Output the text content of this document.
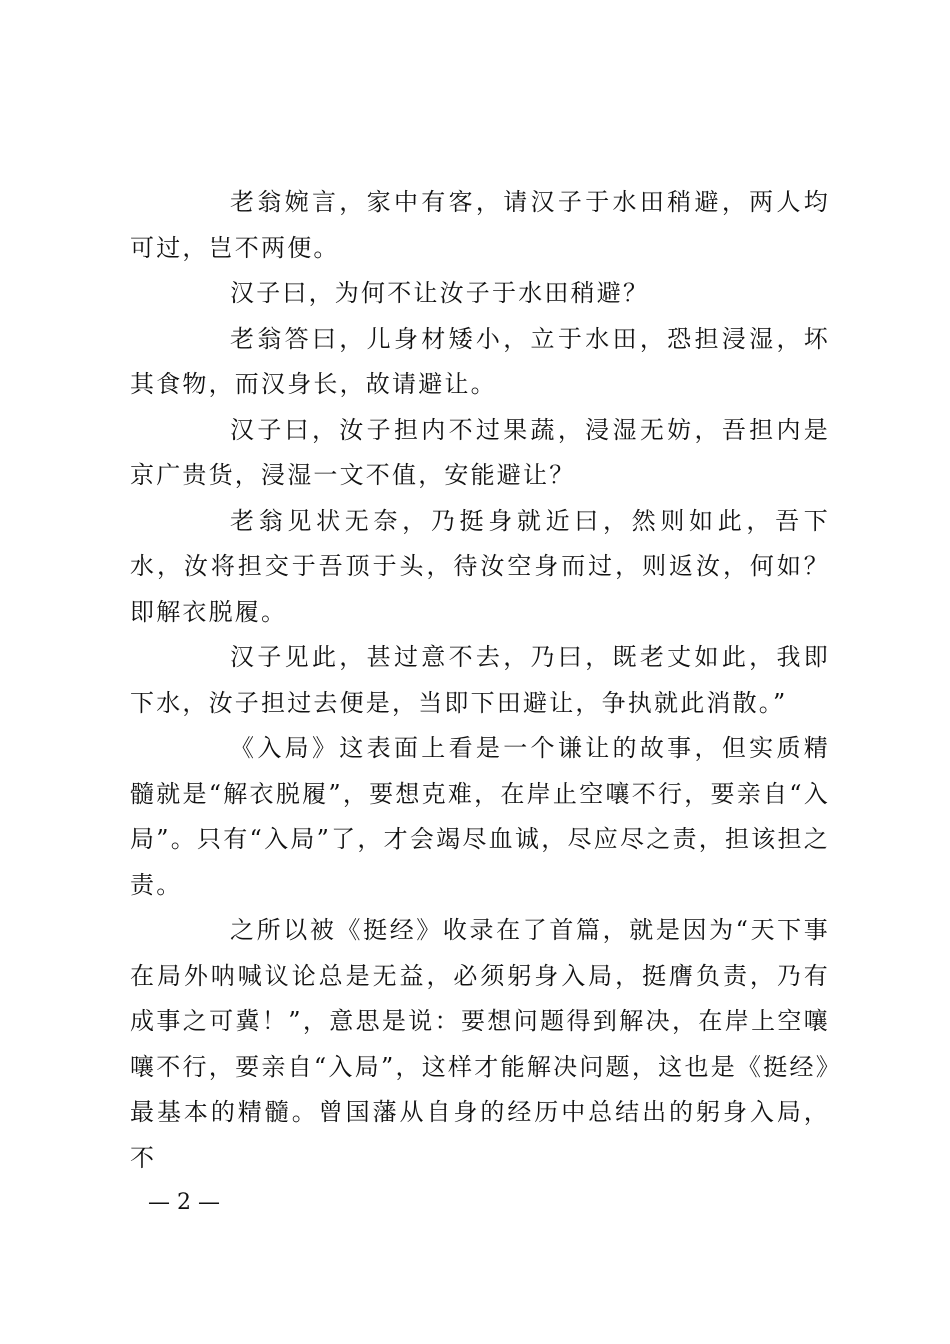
老翁婉言，家中有客，请汉子于水田稍避，两人均可过，岂不两便。

汉子曰，为何不让汝子于水田稍避？

老翁答曰，儿身材矮小，立于水田，恐担浸湿，坏其食物，而汉身长，故请避让。

汉子曰，汝子担内不过果蔬，浸湿无妨，吾担内是京广贵货，浸湿一文不值，安能避让？

老翁见状无奈，乃挺身就近曰，然则如此，吾下水，汝将担交于吾顶于头，待汝空身而过，则返汝，何如？即解衣脱履。

汉子见此，甚过意不去，乃曰，既老丈如此，我即下水，汝子担过去便是，当即下田避让，争执就此消散。”

《入局》这表面上看是一个谦让的故事，但实质精髓就是“解衣脱履”，要想克难，在岸止空嚷不行，要亲自“入局”。只有“入局”了，才会竭尽血诚，尽应尽之责，担该担之责。

之所以被《挺经》收录在了首篇，就是因为“天下事在局外呐喊议论总是无益，必须躬身入局，挺膺负责，乃有成事之可冀！”，意思是说：要想问题得到解决，在岸上空嚷嚷不行，要亲自“入局”，这样才能解决问题，这也是《挺经》最基本的精髓。曾国藩从自身的经历中总结出的躬身入局，不

— 2 —
